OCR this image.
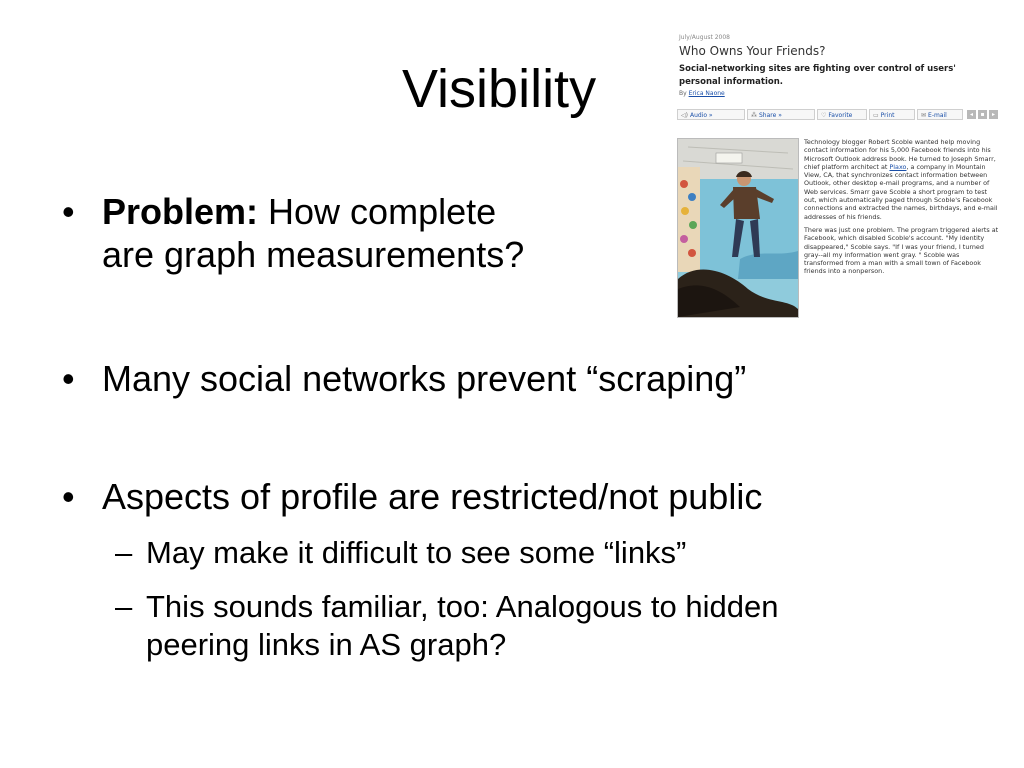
Visibility
• Problem: How complete
are graph measurements?
• Many social networks prevent “scraping”
• Aspects of profile are restricted/not public
– May make it difficult to see some “links”
– This sounds familiar, too: Analogous to hidden
peering links in AS graph?
July/August 2008
Who Owns Your Friends?
Social-networking sites are fighting over control of users' personal information.
By Erica Naone
◁) Audio »	⁂ Share »	♡ Favorite	▭ Print	✉ E-mail	◂	▪	▸

Technology blogger Robert Scoble wanted help moving contact information for his 5,000 Facebook friends into his Microsoft Outlook address book. He turned to Joseph Smarr, chief platform architect at Plaxo, a company in Mountain View, CA, that synchronizes contact information between Outlook, other desktop e-mail programs, and a number of Web services. Smarr gave Scoble a short program to test out, which automatically paged through Scoble's Facebook connections and extracted the names, birthdays, and e-mail addresses of his friends.

There was just one problem. The program triggered alerts at Facebook, which disabled Scoble's account. "My identity disappeared," Scoble says. "If I was your friend, I turned gray--all my information went gray. " Scoble was transformed from a man with a small town of Facebook friends into a nonperson.
